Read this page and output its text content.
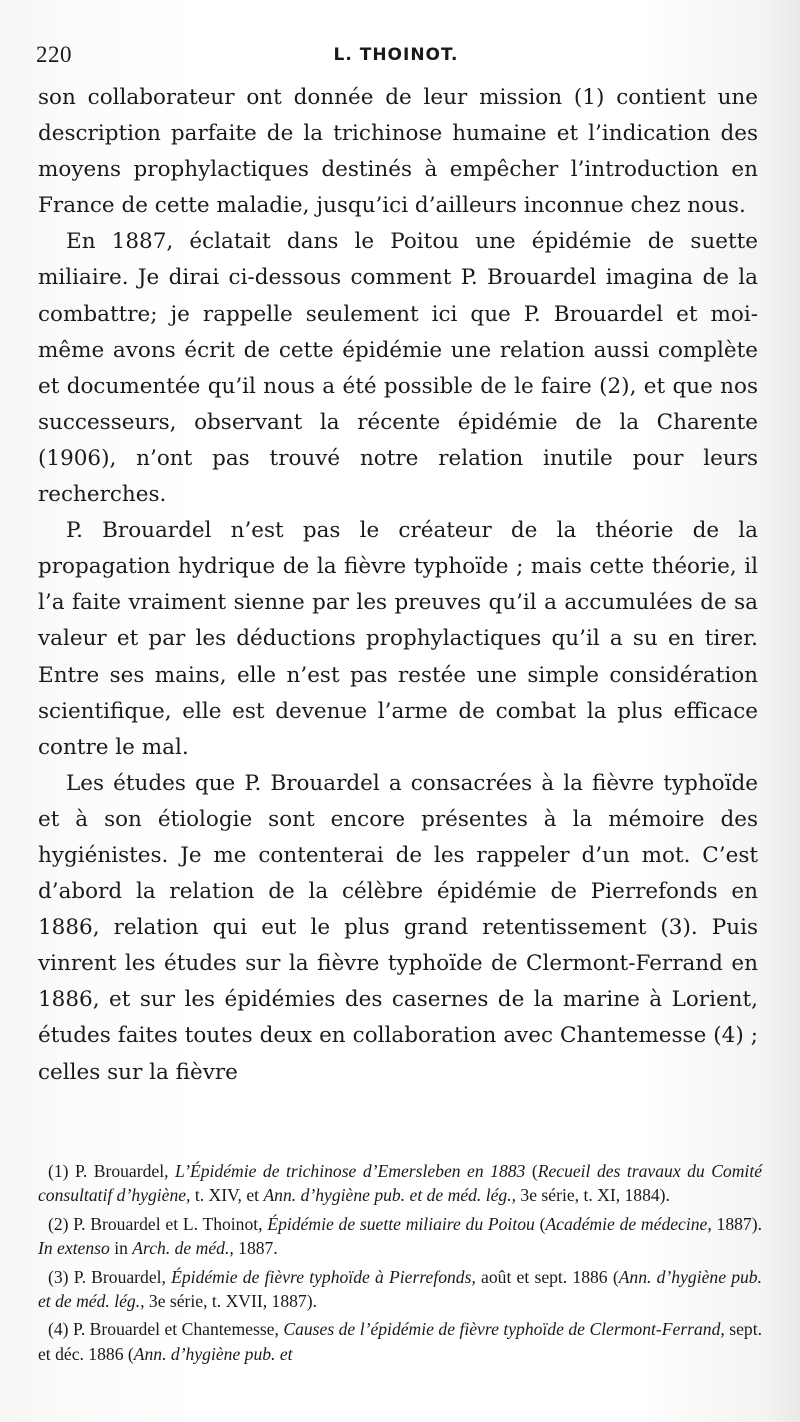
220	L. THOINOT.

son collaborateur ont donnée de leur mission (1) contient une description parfaite de la trichinose humaine et l’indication des moyens prophylactiques destinés à empêcher l’introduction en France de cette maladie, jusqu’ici d’ailleurs inconnue chez nous.

En 1887, éclatait dans le Poitou une épidémie de suette miliaire. Je dirai ci-dessous comment P. Brouardel imagina de la combattre; je rappelle seulement ici que P. Brouardel et moi-même avons écrit de cette épidémie une relation aussi complète et documentée qu’il nous a été possible de le faire (2), et que nos successeurs, observant la récente épidémie de la Charente (1906), n’ont pas trouvé notre relation inutile pour leurs recherches.

P. Brouardel n’est pas le créateur de la théorie de la propagation hydrique de la fièvre typhoïde ; mais cette théorie, il l’a faite vraiment sienne par les preuves qu’il a accumulées de sa valeur et par les déductions prophylactiques qu’il a su en tirer. Entre ses mains, elle n’est pas restée une simple considération scientifique, elle est devenue l’arme de combat la plus efficace contre le mal.

Les études que P. Brouardel a consacrées à la fièvre typhoïde et à son étiologie sont encore présentes à la mémoire des hygiénistes. Je me contenterai de les rappeler d’un mot. C’est d’abord la relation de la célèbre épidémie de Pierrefonds en 1886, relation qui eut le plus grand retentissement (3). Puis vinrent les études sur la fièvre typhoïde de Clermont-Ferrand en 1886, et sur les épidémies des casernes de la marine à Lorient, études faites toutes deux en collaboration avec Chantemesse (4) ; celles sur la fièvre

(1) P. Brouardel, L’Épidémie de trichinose d’Emersleben en 1883 (Recueil des travaux du Comité consultatif d’hygiène, t. XIV, et Ann. d’hygiène pub. et de méd. lég., 3e série, t. XI, 1884).

(2) P. Brouardel et L. Thoinot, Épidémie de suette miliaire du Poitou (Académie de médecine, 1887). In extenso in Arch. de méd., 1887.

(3) P. Brouardel, Épidémie de fièvre typhoïde à Pierrefonds, août et sept. 1886 (Ann. d’hygiène pub. et de méd. lég., 3e série, t. XVII, 1887).

(4) P. Brouardel et Chantemesse, Causes de l’épidémie de fièvre typhoïde de Clermont-Ferrand, sept. et déc. 1886 (Ann. d’hygiène pub. et
